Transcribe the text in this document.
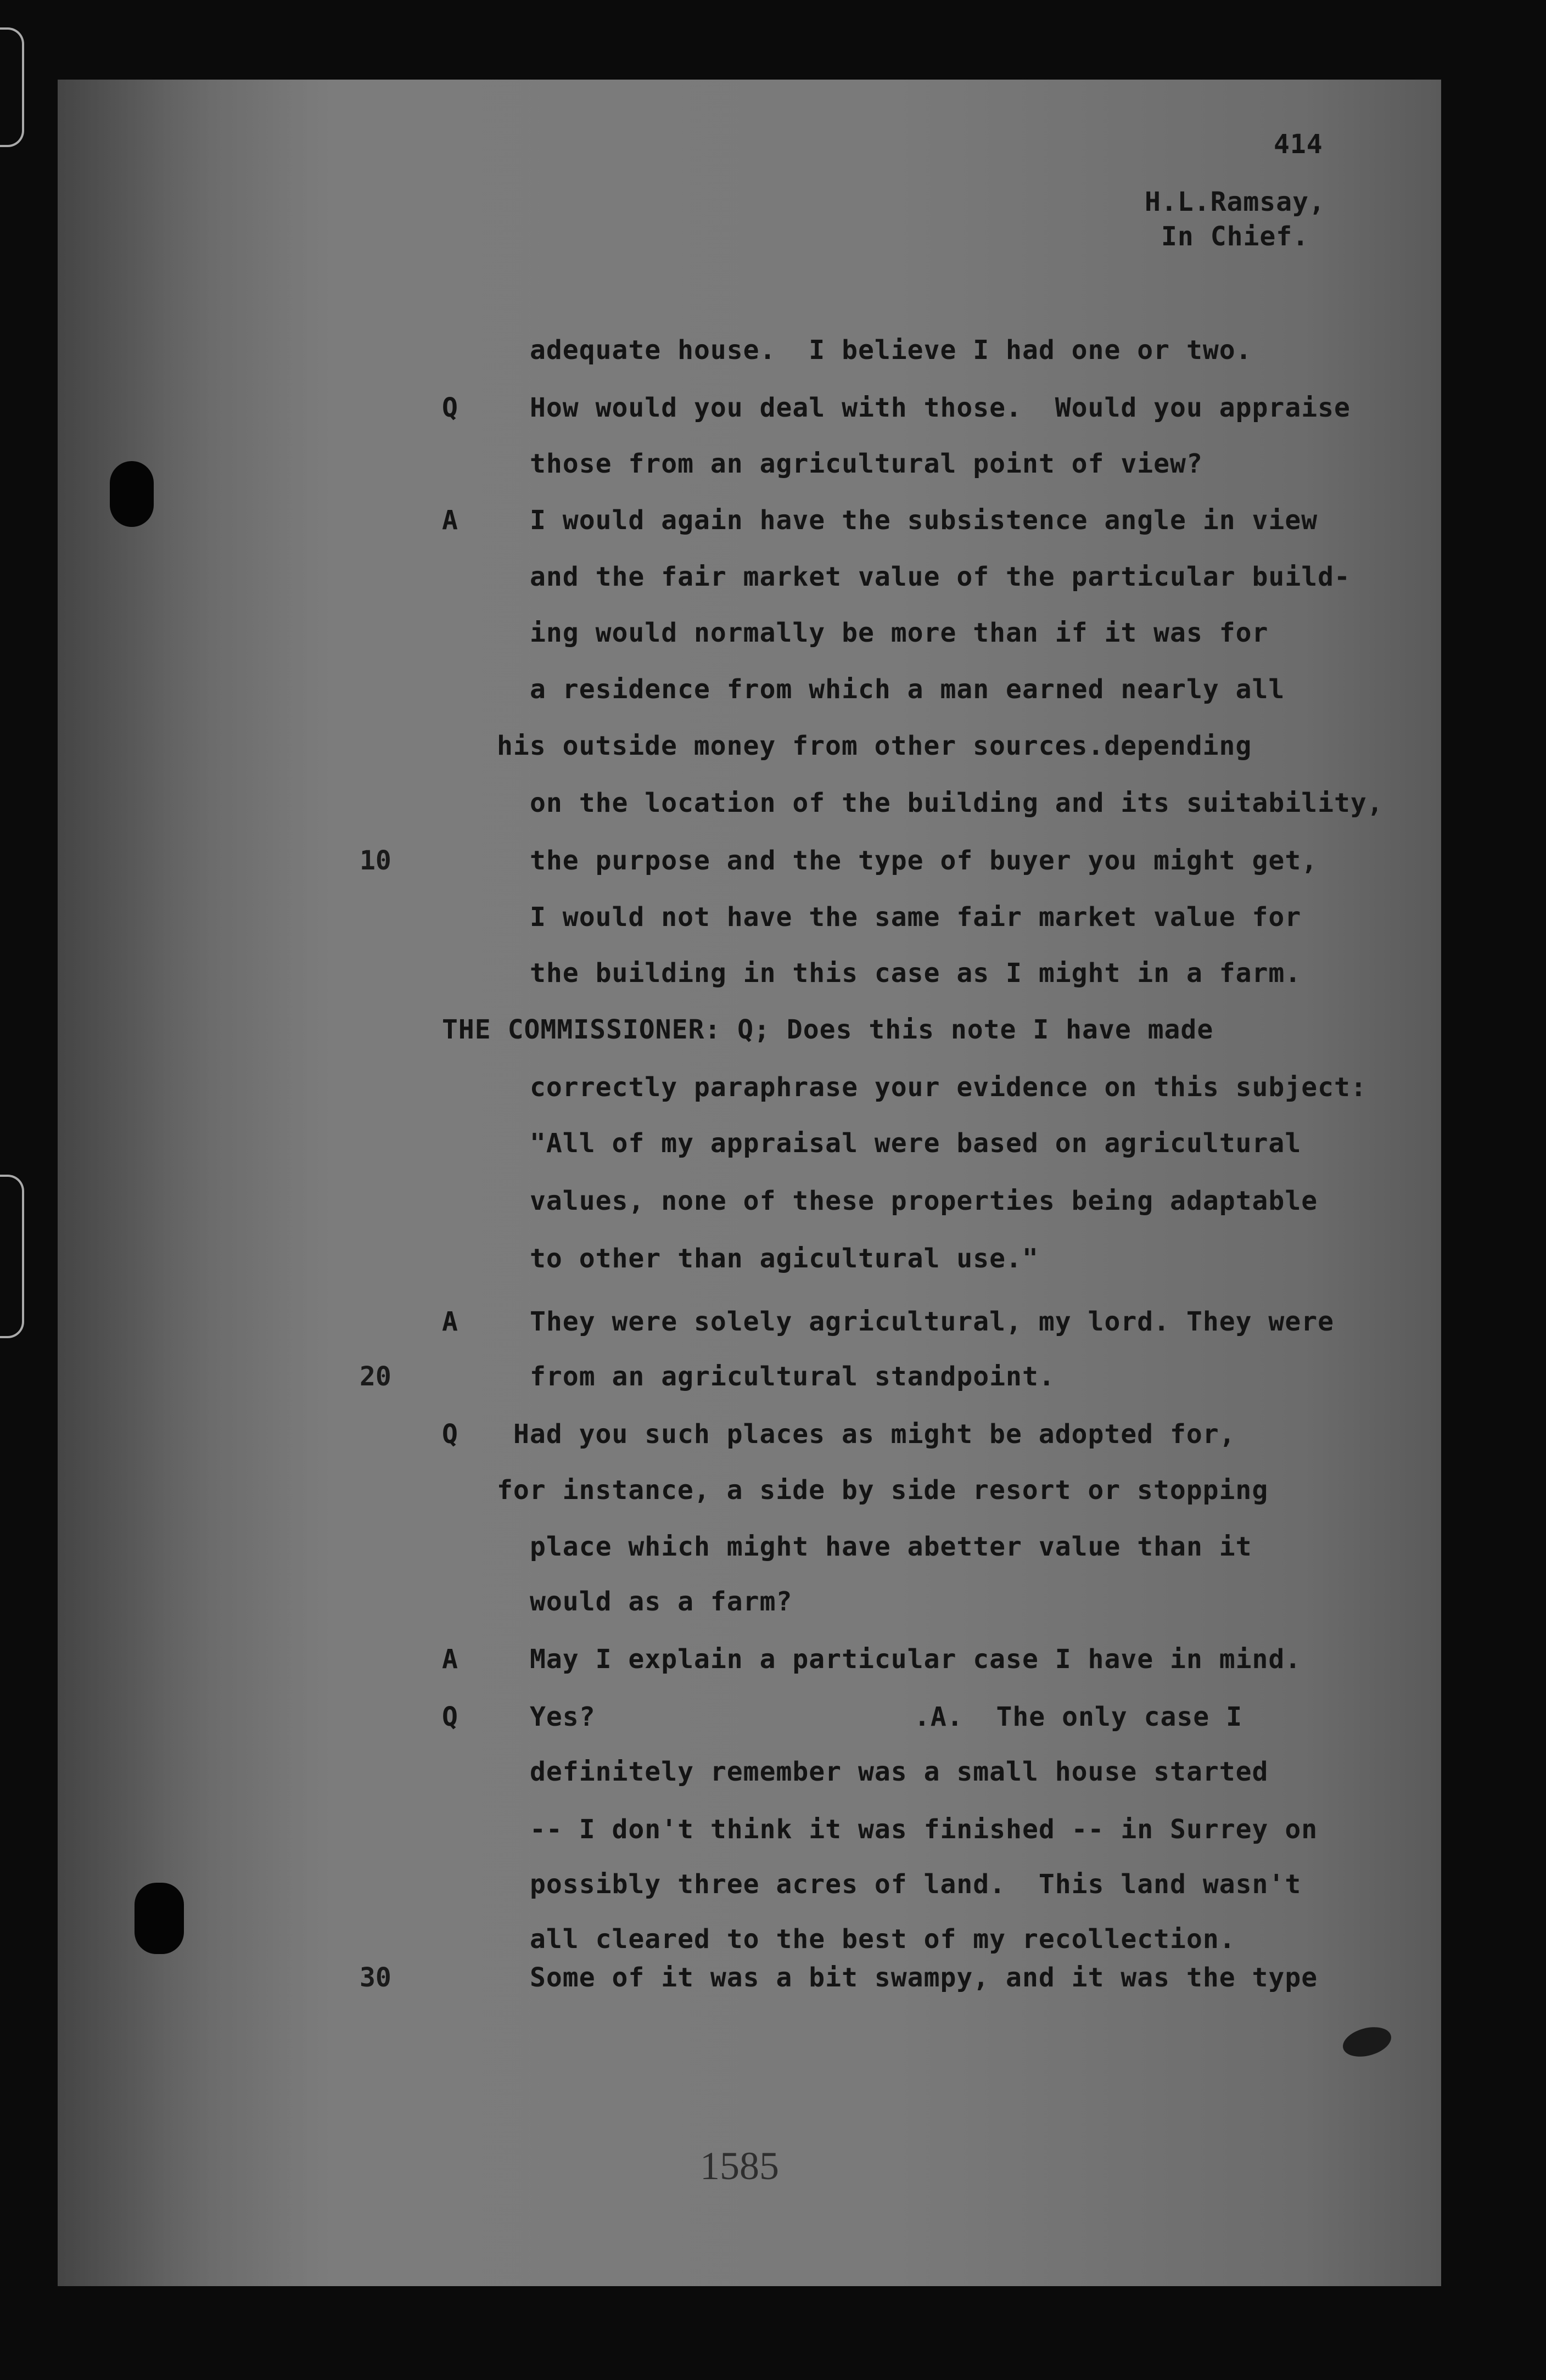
414
H.L.Ramsay,
In Chief.
Q
A
A
Q
A
Q
10
20
30
adequate house.  I believe I had one or two.
How would you deal with those.  Would you appraise
those from an agricultural point of view?
I would again have the subsistence angle in view
and the fair market value of the particular build-
ing would normally be more than if it was for
a residence from which a man earned nearly all
his outside money from other sources.depending
on the location of the building and its suitability,
the purpose and the type of buyer you might get,
I would not have the same fair market value for
the building in this case as I might in a farm.
THE COMMISSIONER: Q; Does this note I have made
correctly paraphrase your evidence on this subject:
"All of my appraisal were based on agricultural
values, none of these properties being adaptable
to other than agicultural use."
They were solely agricultural, my lord. They were
from an agricultural standpoint.
Had you such places as might be adopted for,
for instance, a side by side resort or stopping
place which might have abetter value than it
would as a farm?
May I explain a particular case I have in mind.
Yes?	.A.  The only case I
definitely remember was a small house started
-- I don't think it was finished -- in Surrey on
possibly three acres of land.  This land wasn't
all cleared to the best of my recollection.
Some of it was a bit swampy, and it was the type
1585
